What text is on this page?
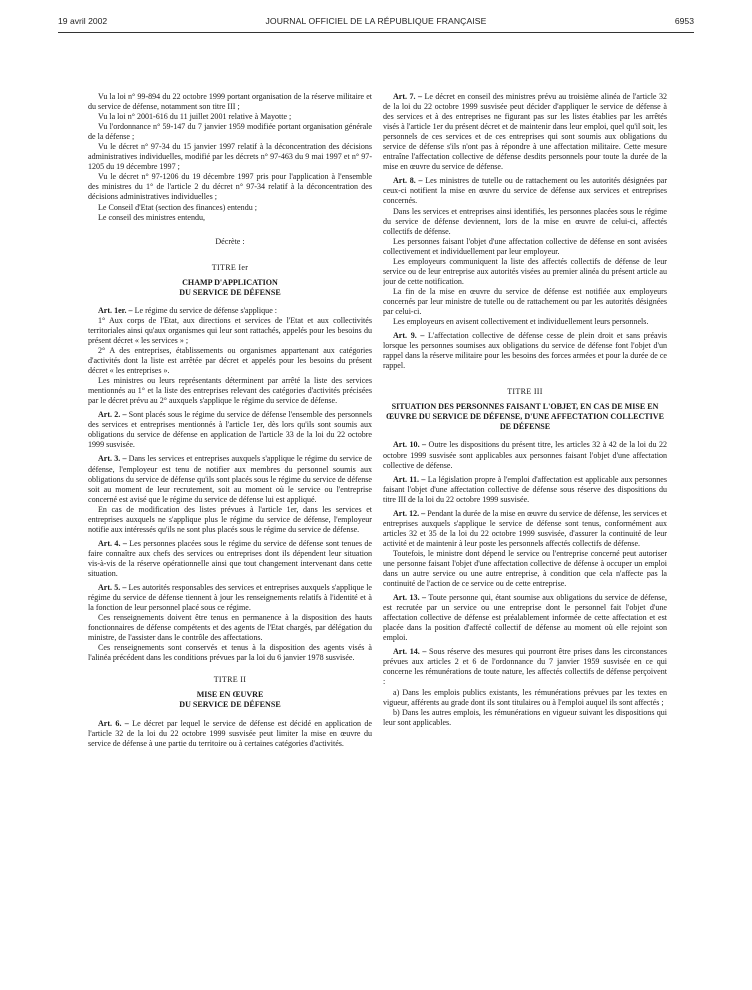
19 avril 2002	JOURNAL OFFICIEL DE LA RÉPUBLIQUE FRANÇAISE	6953

Vu la loi n° 99-894 du 22 octobre 1999 portant organisation de la réserve militaire et du service de défense, notamment son titre III ;

Vu la loi n° 2001-616 du 11 juillet 2001 relative à Mayotte ;

Vu l'ordonnance n° 59-147 du 7 janvier 1959 modifiée portant organisation générale de la défense ;

Vu le décret n° 97-34 du 15 janvier 1997 relatif à la déconcentration des décisions administratives individuelles, modifié par les décrets n° 97-463 du 9 mai 1997 et n° 97-1205 du 19 décembre 1997 ;

Vu le décret n° 97-1206 du 19 décembre 1997 pris pour l'application à l'ensemble des ministres du 1° de l'article 2 du décret n° 97-34 relatif à la déconcentration des décisions administratives individuelles ;

Le Conseil d'Etat (section des finances) entendu ;

Le conseil des ministres entendu,

Décrète :

TITRE Ier
CHAMP D'APPLICATION
DU SERVICE DE DÉFENSE

Art. 1er. – Le régime du service de défense s'applique :

1° Aux corps de l'Etat, aux directions et services de l'Etat et aux collectivités territoriales ainsi qu'aux organismes qui leur sont rattachés, appelés pour les besoins du présent décret « les services » ;

2° A des entreprises, établissements ou organismes appartenant aux catégories d'activités dont la liste est arrêtée par décret et appelés pour les besoins du présent décret « les entreprises ».

Les ministres ou leurs représentants déterminent par arrêté la liste des services mentionnés au 1° et la liste des entreprises relevant des catégories d'activités précisées par le décret prévu au 2° auxquels s'applique le régime du service de défense.

Art. 2. – Sont placés sous le régime du service de défense l'ensemble des personnels des services et entreprises mentionnés à l'article 1er, dès lors qu'ils sont soumis aux obligations du service de défense en application de l'article 33 de la loi du 22 octobre 1999 susvisée.

Art. 3. – Dans les services et entreprises auxquels s'applique le régime du service de défense, l'employeur est tenu de notifier aux membres du personnel soumis aux obligations du service de défense qu'ils sont placés sous le régime du service de défense soit au moment de leur recrutement, soit au moment où le service ou l'entreprise concerné est avisé que le régime du service de défense lui est appliqué.

En cas de modification des listes prévues à l'article 1er, dans les services et entreprises auxquels ne s'applique plus le régime du service de défense, l'employeur notifie aux intéressés qu'ils ne sont plus placés sous le régime du service de défense.

Art. 4. – Les personnes placées sous le régime du service de défense sont tenues de faire connaître aux chefs des services ou entreprises dont ils dépendent leur situation vis-à-vis de la réserve opérationnelle ainsi que tout changement intervenant dans cette situation.

Art. 5. – Les autorités responsables des services et entreprises auxquels s'applique le régime du service de défense tiennent à jour les renseignements relatifs à l'identité et à la fonction de leur personnel placé sous ce régime.

Ces renseignements doivent être tenus en permanence à la disposition des hauts fonctionnaires de défense compétents et des agents de l'Etat chargés, par délégation du ministre, de l'assister dans le contrôle des affectations.

Ces renseignements sont conservés et tenus à la disposition des agents visés à l'alinéa précédent dans les conditions prévues par la loi du 6 janvier 1978 susvisée.

TITRE II
MISE EN ŒUVRE
DU SERVICE DE DÉFENSE

Art. 6. – Le décret par lequel le service de défense est décidé en application de l'article 32 de la loi du 22 octobre 1999 susvisée peut limiter la mise en œuvre du service de défense à une partie du territoire ou à certaines catégories d'activités.

Art. 7. – Le décret en conseil des ministres prévu au troisième alinéa de l'article 32 de la loi du 22 octobre 1999 susvisée peut décider d'appliquer le service de défense à des services et à des entreprises ne figurant pas sur les listes établies par les arrêtés visés à l'article 1er du présent décret et de maintenir dans leur emploi, quel qu'il soit, les personnels de ces services et de ces entreprises qui sont soumis aux obligations du service de défense s'ils n'ont pas à répondre à une affectation militaire. Cette mesure entraîne l'affectation collective de défense desdits personnels pour toute la durée de la mise en œuvre du service de défense.

Art. 8. – Les ministres de tutelle ou de rattachement ou les autorités désignées par ceux-ci notifient la mise en œuvre du service de défense aux services et entreprises concernés.

Dans les services et entreprises ainsi identifiés, les personnes placées sous le régime du service de défense deviennent, lors de la mise en œuvre de celui-ci, affectés collectifs de défense.

Les personnes faisant l'objet d'une affectation collective de défense en sont avisées collectivement et individuellement par leur employeur.

Les employeurs communiquent la liste des affectés collectifs de défense de leur service ou de leur entreprise aux autorités visées au premier alinéa du présent article au jour de cette notification.

La fin de la mise en œuvre du service de défense est notifiée aux employeurs concernés par leur ministre de tutelle ou de rattachement ou par les autorités désignées par celui-ci.

Les employeurs en avisent collectivement et individuellement leurs personnels.

Art. 9. – L'affectation collective de défense cesse de plein droit et sans préavis lorsque les personnes soumises aux obligations du service de défense font l'objet d'un rappel dans la réserve militaire pour les besoins des forces armées et pour la durée de ce rappel.

TITRE III
SITUATION DES PERSONNES FAISANT L'OBJET, EN CAS DE MISE EN ŒUVRE DU SERVICE DE DÉFENSE, D'UNE AFFECTATION COLLECTIVE DE DÉFENSE

Art. 10. – Outre les dispositions du présent titre, les articles 32 à 42 de la loi du 22 octobre 1999 susvisée sont applicables aux personnes faisant l'objet d'une affectation collective de défense.

Art. 11. – La législation propre à l'emploi d'affectation est applicable aux personnes faisant l'objet d'une affectation collective de défense sous réserve des dispositions du titre III de la loi du 22 octobre 1999 susvisée.

Art. 12. – Pendant la durée de la mise en œuvre du service de défense, les services et entreprises auxquels s'applique le service de défense sont tenus, conformément aux articles 32 et 35 de la loi du 22 octobre 1999 susvisée, d'assurer la continuité de leur activité et de maintenir à leur poste les personnels affectés collectifs de défense.

Toutefois, le ministre dont dépend le service ou l'entreprise concerné peut autoriser une personne faisant l'objet d'une affectation collective de défense à occuper un emploi dans un autre service ou une autre entreprise, à condition que cela n'affecte pas la continuité de l'action de ce service ou de cette entreprise.

Art. 13. – Toute personne qui, étant soumise aux obligations du service de défense, est recrutée par un service ou une entreprise dont le personnel fait l'objet d'une affectation collective de défense est préalablement informée de cette affectation et est placée dans la position d'affecté collectif de défense au moment où elle rejoint son emploi.

Art. 14. – Sous réserve des mesures qui pourront être prises dans les circonstances prévues aux articles 2 et 6 de l'ordonnance du 7 janvier 1959 susvisée en ce qui concerne les rémunérations de toute nature, les affectés collectifs de défense perçoivent :

a) Dans les emplois publics existants, les rémunérations prévues par les textes en vigueur, afférents au grade dont ils sont titulaires ou à l'emploi auquel ils sont affectés ;

b) Dans les autres emplois, les rémunérations en vigueur suivant les dispositions qui leur sont applicables.
